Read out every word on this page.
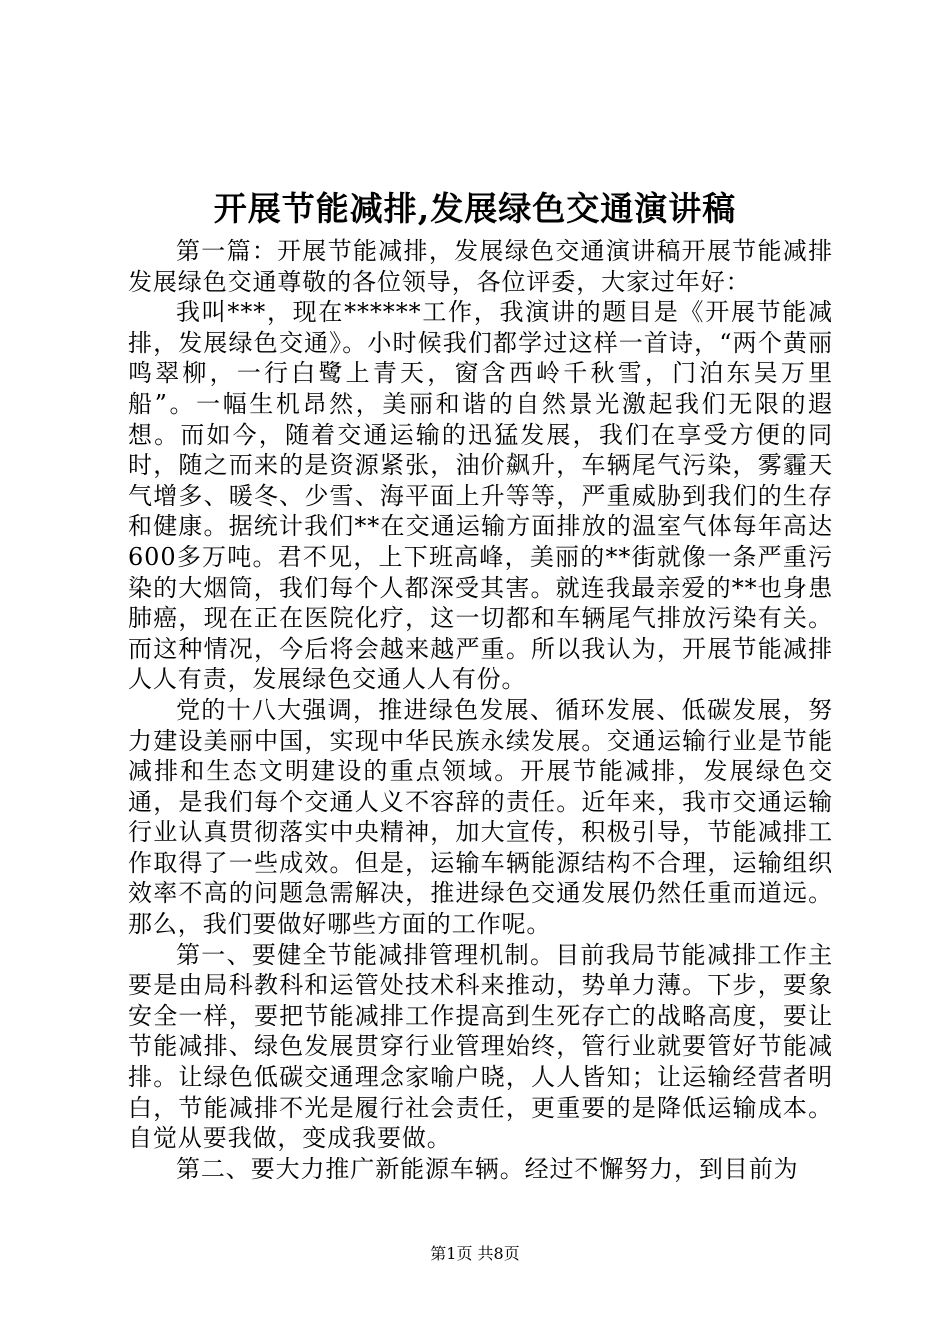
开展节能减排,发展绿色交通演讲稿

第一篇：开展节能减排，发展绿色交通演讲稿开展节能减排发展绿色交通尊敬的各位领导，各位评委，大家过年好：

我叫***，现在******工作，我演讲的题目是《开展节能减排，发展绿色交通》。小时候我们都学过这样一首诗，“两个黄丽鸣翠柳，一行白鹭上青天，窗含西岭千秋雪，门泊东吴万里船”。一幅生机昂然，美丽和谐的自然景光激起我们无限的遐想。而如今，随着交通运输的迅猛发展，我们在享受方便的同时，随之而来的是资源紧张，油价飙升，车辆尾气污染，雾霾天气增多、暖冬、少雪、海平面上升等等，严重威胁到我们的生存和健康。据统计我们**在交通运输方面排放的温室气体每年高达600多万吨。君不见，上下班高峰，美丽的**街就像一条严重污染的大烟筒，我们每个人都深受其害。就连我最亲爱的**也身患肺癌，现在正在医院化疗，这一切都和车辆尾气排放污染有关。而这种情况，今后将会越来越严重。所以我认为，开展节能减排人人有责，发展绿色交通人人有份。

党的十八大强调，推进绿色发展、循环发展、低碳发展，努力建设美丽中国，实现中华民族永续发展。交通运输行业是节能减排和生态文明建设的重点领域。开展节能减排，发展绿色交通，是我们每个交通人义不容辞的责任。近年来，我市交通运输行业认真贯彻落实中央精神，加大宣传，积极引导，节能减排工作取得了一些成效。但是，运输车辆能源结构不合理，运输组织效率不高的问题急需解决，推进绿色交通发展仍然任重而道远。那么，我们要做好哪些方面的工作呢。

第一、要健全节能减排管理机制。目前我局节能减排工作主要是由局科教科和运管处技术科来推动，势单力薄。下步，要象安全一样，要把节能减排工作提高到生死存亡的战略高度，要让节能减排、绿色发展贯穿行业管理始终，管行业就要管好节能减排。让绿色低碳交通理念家喻户晓，人人皆知；让运输经营者明白，节能减排不光是履行社会责任，更重要的是降低运输成本。自觉从要我做，变成我要做。

第二、要大力推广新能源车辆。经过不懈努力，到目前为

第1页 共8页
